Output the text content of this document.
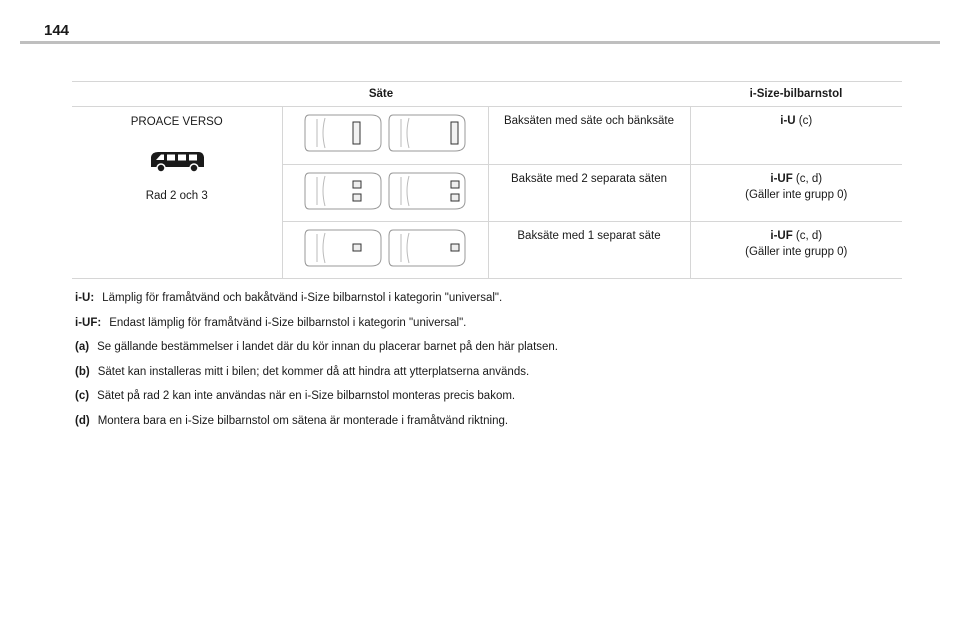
144
Säte			i-Size-bilbarnstol

PROACE VERSO
Rad 2 och 3		Baksäten med säte och bänksäte	i-U (c)

	Baksäte med 2 separata säten	i-UF (c, d)
(Gäller inte grupp 0)

	Baksäte med 1 separat säte	i-UF (c, d)
(Gäller inte grupp 0)
i-U: Lämplig för framåtvänd och bakåtvänd i-Size bilbarnstol i kategorin "universal".
i-UF: Endast lämplig för framåtvänd i-Size bilbarnstol i kategorin "universal".
(a) Se gällande bestämmelser i landet där du kör innan du placerar barnet på den här platsen.
(b) Sätet kan installeras mitt i bilen; det kommer då att hindra att ytterplatserna används.
(c) Sätet på rad 2 kan inte användas när en i-Size bilbarnstol monteras precis bakom.
(d) Montera bara en i-Size bilbarnstol om sätena är monterade i framåtvänd riktning.
